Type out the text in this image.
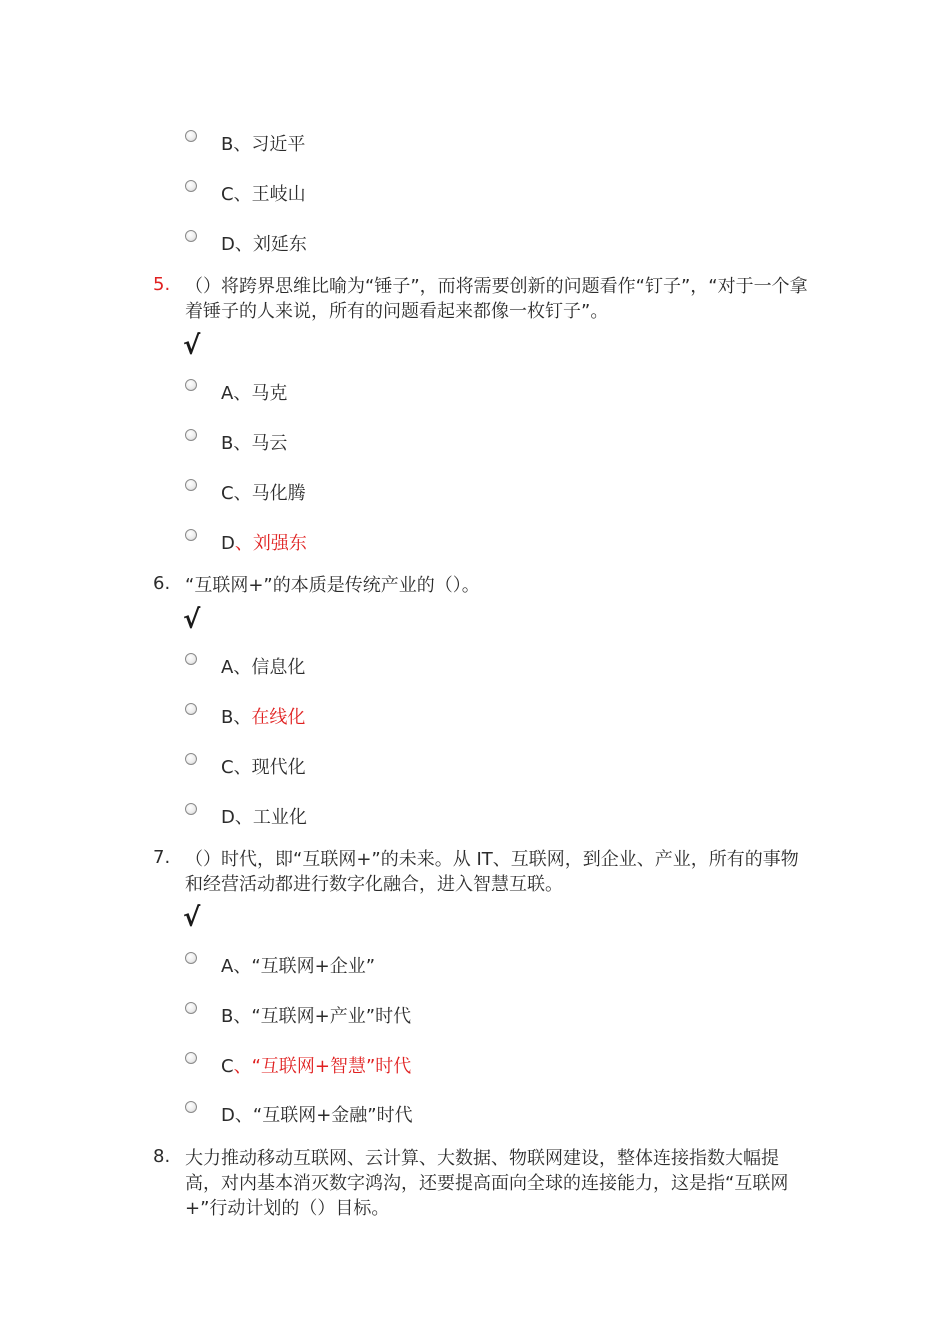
B、习近平
C、王岐山
D、刘延东
5. （）将跨界思维比喻为“锤子”，而将需要创新的问题看作“钉子”，“对于一个拿着锤子的人来说，所有的问题看起来都像一枚钉子”。
√
A、马克
B、马云
C、马化腾
D、刘强东
6. “互联网+”的本质是传统产业的（）。
√
A、信息化
B、在线化
C、现代化
D、工业化
7. （）时代，即“互联网+”的未来。从 IT、互联网，到企业、产业，所有的事物和经营活动都进行数字化融合，进入智慧互联。
√
A、“互联网+企业”
B、“互联网+产业”时代
C、“互联网+智慧”时代
D、“互联网+金融”时代
8. 大力推动移动互联网、云计算、大数据、物联网建设，整体连接指数大幅提高，对内基本消灭数字鸿沟，还要提高面向全球的连接能力，这是指“互联网+”行动计划的（）目标。
